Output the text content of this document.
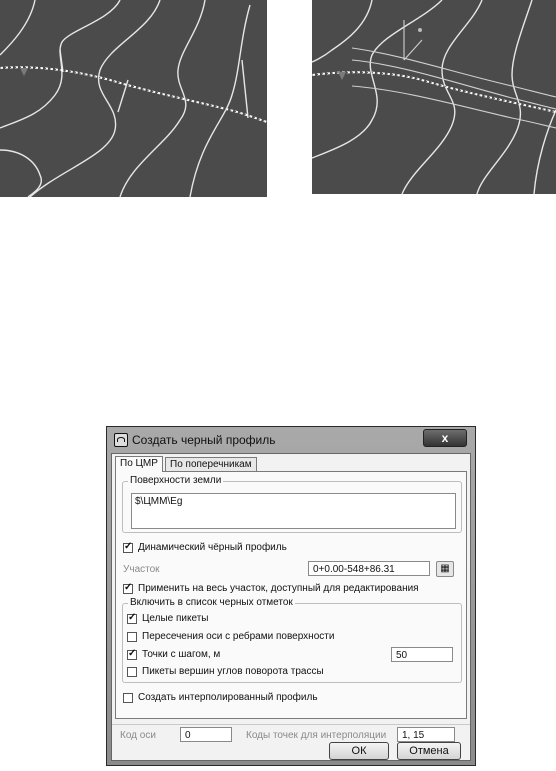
Создать черный профиль	x
По ЦМР	По поперечникам
Поверхности земли
$\ЦММ\Eg
✓
Динамический чёрный профиль
Участок	0+0.00-548+86.31	▦
✓
Применить на весь участок, доступный для редактирования
Включить в список черных отметок
✓
Целые пикеты
Пересечения оси с ребрами поверхности
✓
Точки с шагом, м	50
Пикеты вершин углов поворота трассы
Создать интерполированный профиль
Код оси	0	Коды точек для интерполяции	1, 15
ОК	Отмена
